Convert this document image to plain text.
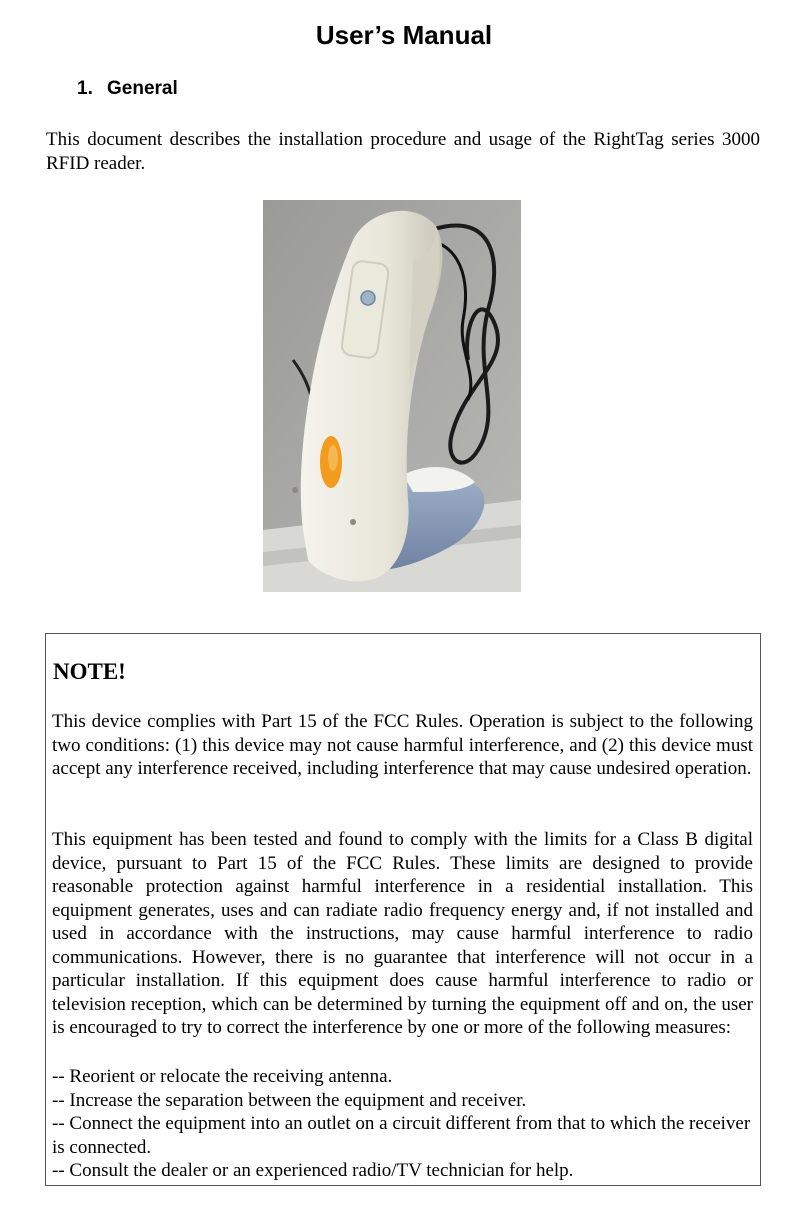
User’s Manual
1. General

This document describes the installation procedure and usage of the RightTag series 3000 RFID reader.

NOTE!

This device complies with Part 15 of the FCC Rules. Operation is subject to the following two conditions: (1) this device may not cause harmful interference, and (2) this device must accept any interference received, including interference that may cause undesired operation.

This equipment has been tested and found to comply with the limits for a Class B digital device, pursuant to Part 15 of the FCC Rules. These limits are designed to provide reasonable protection against harmful interference in a residential installation. This equipment generates, uses and can radiate radio frequency energy and, if not installed and used in accordance with the instructions, may cause harmful interference to radio communications. However, there is no guarantee that interference will not occur in a particular installation. If this equipment does cause harmful interference to radio or television reception, which can be determined by turning the equipment off and on, the user is encouraged to try to correct the interference by one or more of the following measures:

-- Reorient or relocate the receiving antenna.
-- Increase the separation between the equipment and receiver.
-- Connect the equipment into an outlet on a circuit different from that to which the receiver is connected.
-- Consult the dealer or an experienced radio/TV technician for help.
